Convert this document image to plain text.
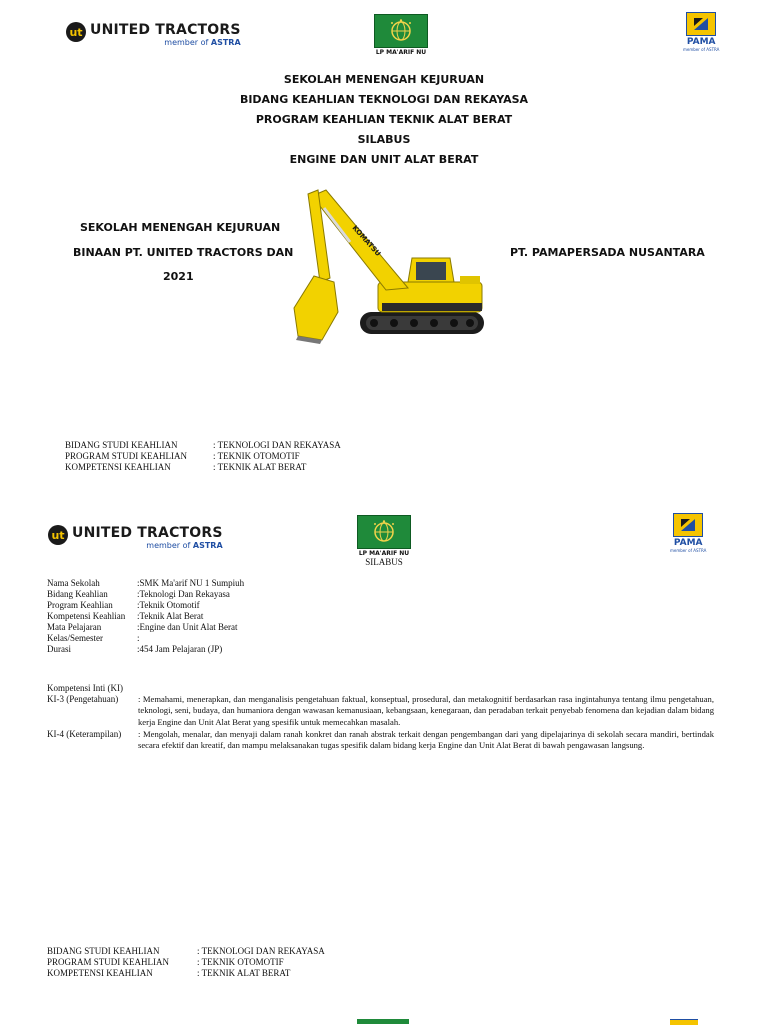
ut UNITED TRACTORS
member of ASTRA
LP MA'ARIF NU
PAMA
member of ASTRA
SEKOLAH MENENGAH KEJURUAN
BIDANG KEAHLIAN TEKNOLOGI DAN REKAYASA
PROGRAM KEAHLIAN TEKNIK ALAT BERAT
SILABUS
ENGINE DAN UNIT ALAT BERAT
SEKOLAH MENENGAH KEJURUAN
BINAAN PT. UNITED TRACTORS DAN
2021
PT. PAMAPERSADA NUSANTARA
KOMATSU
BIDANG STUDI KEAHLIAN	: TEKNOLOGI DAN REKAYASA
PROGRAM STUDI KEAHLIAN	: TEKNIK OTOMOTIF
KOMPETENSI KEAHLIAN	: TEKNIK ALAT BERAT
ut UNITED TRACTORS
member of ASTRA
LP MA'ARIF NU
PAMA
member of ASTRA
SILABUS
Nama Sekolah	:SMK Ma'arif NU 1 Sumpiuh
Bidang Keahlian	:Teknologi Dan Rekayasa
Program Keahlian	:Teknik Otomotif
Kompetensi Keahlian :Teknik Alat Berat
Mata Pelajaran	:Engine dan Unit Alat Berat
Kelas/Semester	:
Durasi	:454 Jam Pelajaran (JP)
Kompetensi Inti (KI)
KI-3 (Pengetahuan) : Memahami, menerapkan, dan menganalisis pengetahuan faktual, konseptual, prosedural, dan metakognitif berdasarkan rasa ingintahunya tentang ilmu pengetahuan, teknologi, seni, budaya, dan humaniora dengan wawasan kemanusiaan, kebangsaan, kenegaraan, dan peradaban terkait penyebab fenomena dan kejadian dalam bidang kerja Engine dan Unit Alat Berat yang spesifik untuk memecahkan masalah.
KI-4 (Keterampilan) : Mengolah, menalar, dan menyaji dalam ranah konkret dan ranah abstrak terkait dengan pengembangan dari yang dipelajarinya di sekolah secara mandiri, bertindak secara efektif dan kreatif, dan mampu melaksanakan tugas spesifik dalam bidang kerja Engine dan Unit Alat Berat di bawah pengawasan langsung.
BIDANG STUDI KEAHLIAN	: TEKNOLOGI DAN REKAYASA
PROGRAM STUDI KEAHLIAN	: TEKNIK OTOMOTIF
KOMPETENSI KEAHLIAN	: TEKNIK ALAT BERAT
